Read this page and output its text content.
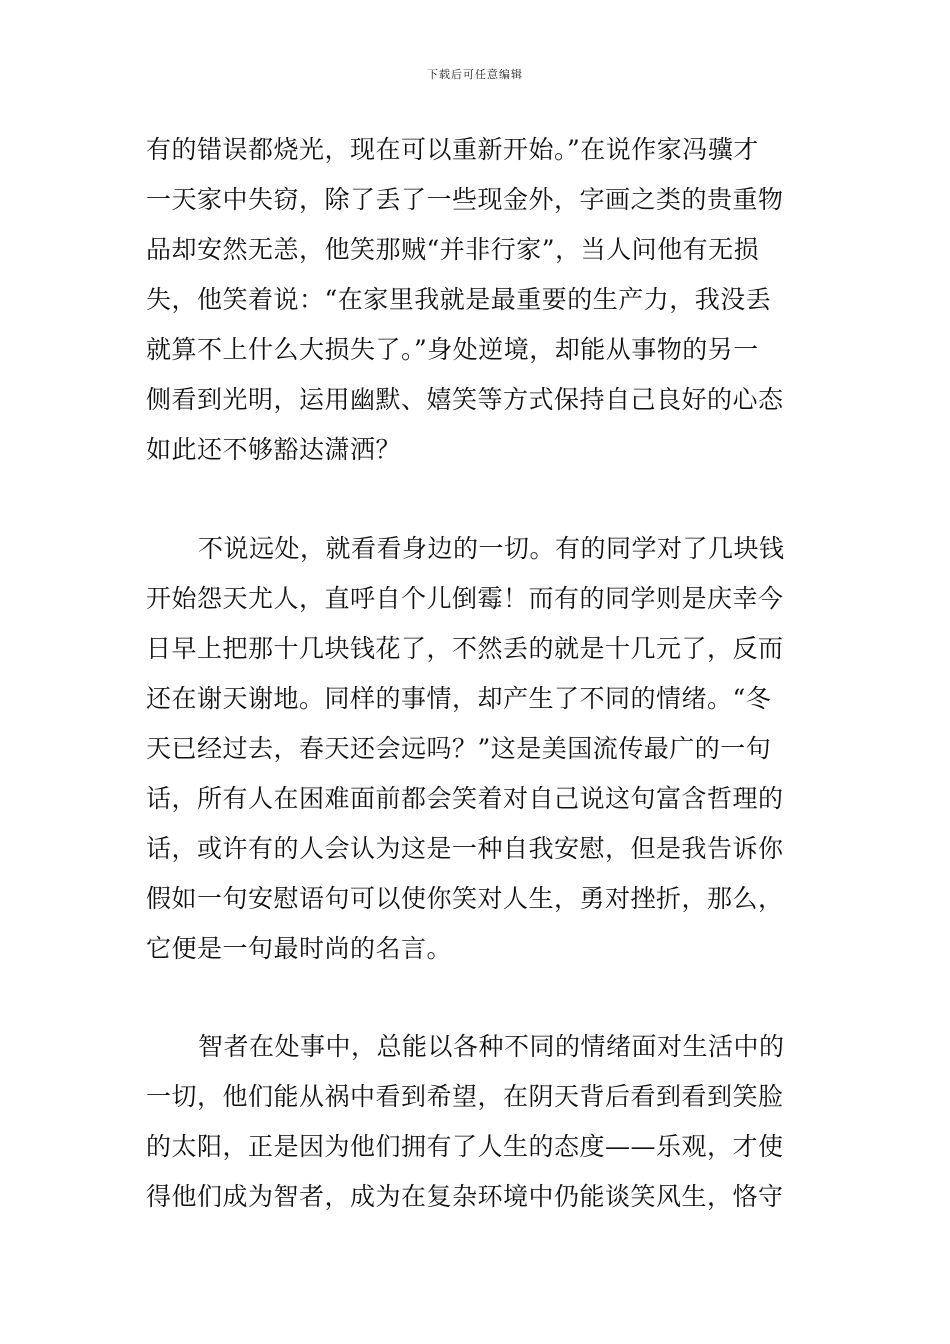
下载后可任意编辑
有的错误都烧光，现在可以重新开始。”在说作家冯骥才
一天家中失窃，除了丢了一些现金外，字画之类的贵重物
品却安然无恙，他笑那贼“并非行家”，当人问他有无损
失，他笑着说：“在家里我就是最重要的生产力，我没丢
就算不上什么大损失了。”身处逆境，却能从事物的另一
侧看到光明，运用幽默、嬉笑等方式保持自己良好的心态
如此还不够豁达潇洒？
不说远处，就看看身边的一切。有的同学对了几块钱
开始怨天尤人，直呼自个儿倒霉！而有的同学则是庆幸今
日早上把那十几块钱花了，不然丢的就是十几元了，反而
还在谢天谢地。同样的事情，却产生了不同的情绪。“冬
天已经过去，春天还会远吗？”这是美国流传最广的一句
话，所有人在困难面前都会笑着对自己说这句富含哲理的
话，或许有的人会认为这是一种自我安慰，但是我告诉你
假如一句安慰语句可以使你笑对人生，勇对挫折，那么，
它便是一句最时尚的名言。
智者在处事中，总能以各种不同的情绪面对生活中的
一切，他们能从祸中看到希望，在阴天背后看到看到笑脸
的太阳，正是因为他们拥有了人生的态度——乐观，才使
得他们成为智者，成为在复杂环境中仍能谈笑风生，恪守
